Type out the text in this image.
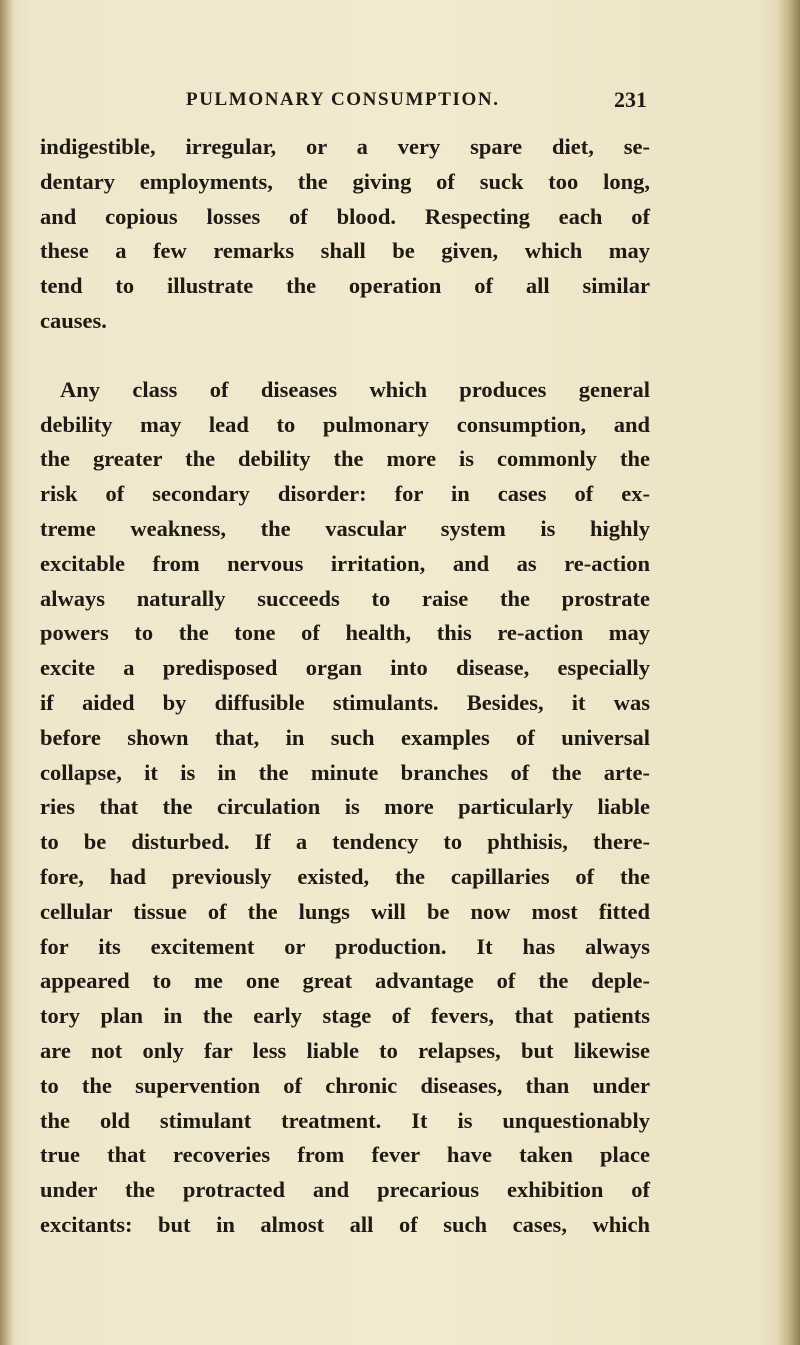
PULMONARY CONSUMPTION.	231
indigestible, irregular, or a very spare diet, se-
dentary employments, the giving of suck too long,
and copious losses of blood. Respecting each of
these a few remarks shall be given, which may
tend to illustrate the operation of all similar
causes.
Any class of diseases which produces general
debility may lead to pulmonary consumption, and
the greater the debility the more is commonly the
risk of secondary disorder: for in cases of ex-
treme weakness, the vascular system is highly
excitable from nervous irritation, and as re-action
always naturally succeeds to raise the prostrate
powers to the tone of health, this re-action may
excite a predisposed organ into disease, especially
if aided by diffusible stimulants. Besides, it was
before shown that, in such examples of universal
collapse, it is in the minute branches of the arte-
ries that the circulation is more particularly liable
to be disturbed. If a tendency to phthisis, there-
fore, had previously existed, the capillaries of the
cellular tissue of the lungs will be now most fitted
for its excitement or production. It has always
appeared to me one great advantage of the deple-
tory plan in the early stage of fevers, that patients
are not only far less liable to relapses, but likewise
to the supervention of chronic diseases, than under
the old stimulant treatment. It is unquestionably
true that recoveries from fever have taken place
under the protracted and precarious exhibition of
excitants: but in almost all of such cases, which
